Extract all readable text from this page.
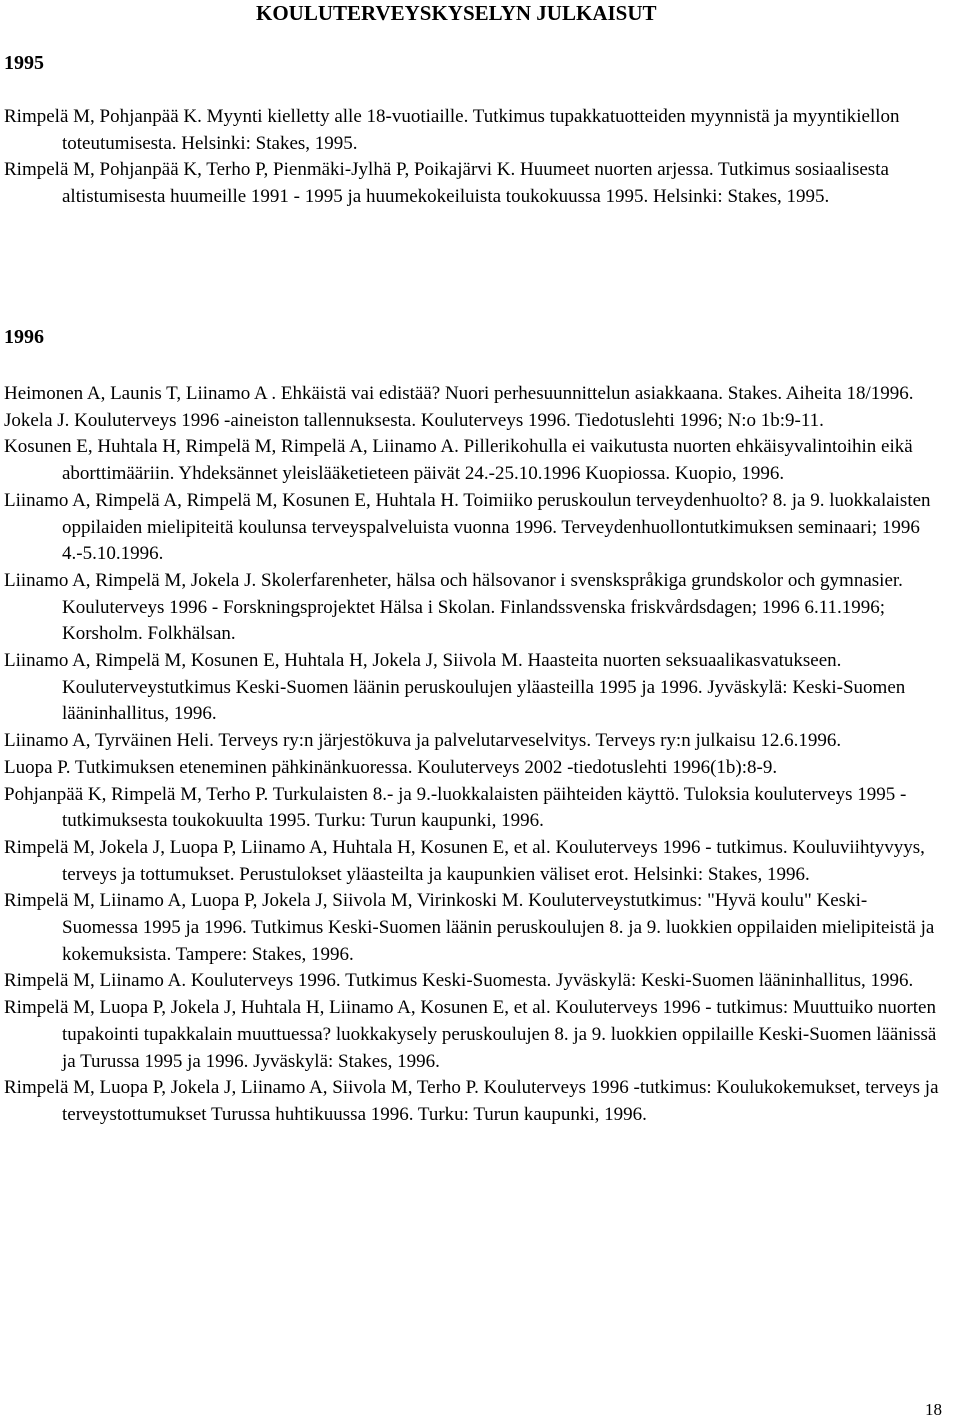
KOULUTERVEYSKYSELYN JULKAISUT
1995

Rimpelä M, Pohjanpää K. Myynti kielletty alle 18-vuotiaille. Tutkimus tupakkatuotteiden myynnistä ja myyntikiellon toteutumisesta. Helsinki: Stakes, 1995.

Rimpelä M, Pohjanpää K, Terho P, Pienmäki-Jylhä P, Poikajärvi K. Huumeet nuorten arjessa. Tutkimus sosiaalisesta altistumisesta huumeille 1991 - 1995 ja huumekokeiluista toukokuussa 1995. Helsinki: Stakes, 1995.

1996

Heimonen A, Launis T, Liinamo A . Ehkäistä vai edistää? Nuori perhesuunnittelun asiakkaana. Stakes. Aiheita 18/1996.

Jokela J. Kouluterveys 1996 -aineiston tallennuksesta. Kouluterveys 1996. Tiedotuslehti 1996; N:o 1b:9-11.

Kosunen E, Huhtala H, Rimpelä M, Rimpelä A, Liinamo A. Pillerikohulla ei vaikutusta nuorten ehkäisyvalintoihin eikä aborttimääriin. Yhdeksännet yleislääketieteen päivät 24.-25.10.1996 Kuopiossa. Kuopio, 1996.

Liinamo A, Rimpelä A, Rimpelä M, Kosunen E, Huhtala H. Toimiiko peruskoulun terveydenhuolto? 8. ja 9. luokkalaisten oppilaiden mielipiteitä koulunsa terveyspalveluista vuonna 1996. Terveydenhuollontutkimuksen seminaari; 1996 4.-5.10.1996.

Liinamo A, Rimpelä M, Jokela J. Skolerfarenheter, hälsa och hälsovanor i svenskspråkiga grundskolor och gymnasier. Kouluterveys 1996 - Forskningsprojektet Hälsa i Skolan. Finlandssvenska friskvårdsdagen; 1996 6.11.1996; Korsholm. Folkhälsan.

Liinamo A, Rimpelä M, Kosunen E, Huhtala H, Jokela J, Siivola M. Haasteita nuorten seksuaalikasvatukseen. Kouluterveystutkimus Keski-Suomen läänin peruskoulujen yläasteilla 1995 ja 1996. Jyväskylä: Keski-Suomen lääninhallitus, 1996.

Liinamo A, Tyrväinen Heli. Terveys ry:n järjestökuva ja palvelutarveselvitys. Terveys ry:n julkaisu 12.6.1996.

Luopa P. Tutkimuksen eteneminen pähkinänkuoressa. Kouluterveys 2002 -tiedotuslehti 1996(1b):8-9.

Pohjanpää K, Rimpelä M, Terho P. Turkulaisten 8.- ja 9.-luokkalaisten päihteiden käyttö. Tuloksia kouluterveys 1995 -tutkimuksesta toukokuulta 1995. Turku: Turun kaupunki, 1996.

Rimpelä M, Jokela J, Luopa P, Liinamo A, Huhtala H, Kosunen E, et al. Kouluterveys 1996 - tutkimus. Kouluviihtyvyys, terveys ja tottumukset. Perustulokset yläasteilta ja kaupunkien väliset erot. Helsinki: Stakes, 1996.

Rimpelä M, Liinamo A, Luopa P, Jokela J, Siivola M, Virinkoski M. Kouluterveystutkimus: "Hyvä koulu" Keski-Suomessa 1995 ja 1996. Tutkimus Keski-Suomen läänin peruskoulujen 8. ja 9. luokkien oppilaiden mielipiteistä ja kokemuksista. Tampere: Stakes, 1996.

Rimpelä M, Liinamo A. Kouluterveys 1996. Tutkimus Keski-Suomesta. Jyväskylä: Keski-Suomen lääninhallitus, 1996.

Rimpelä M, Luopa P, Jokela J, Huhtala H, Liinamo A, Kosunen E, et al. Kouluterveys 1996 - tutkimus: Muuttuiko nuorten tupakointi tupakkalain muuttuessa? luokkakysely peruskoulujen 8. ja 9. luokkien oppilaille Keski-Suomen läänissä ja Turussa 1995 ja 1996. Jyväskylä: Stakes, 1996.

Rimpelä M, Luopa P, Jokela J, Liinamo A, Siivola M, Terho P. Kouluterveys 1996 -tutkimus: Koulukokemukset, terveys ja terveystottumukset Turussa huhtikuussa 1996. Turku: Turun kaupunki, 1996.

18
